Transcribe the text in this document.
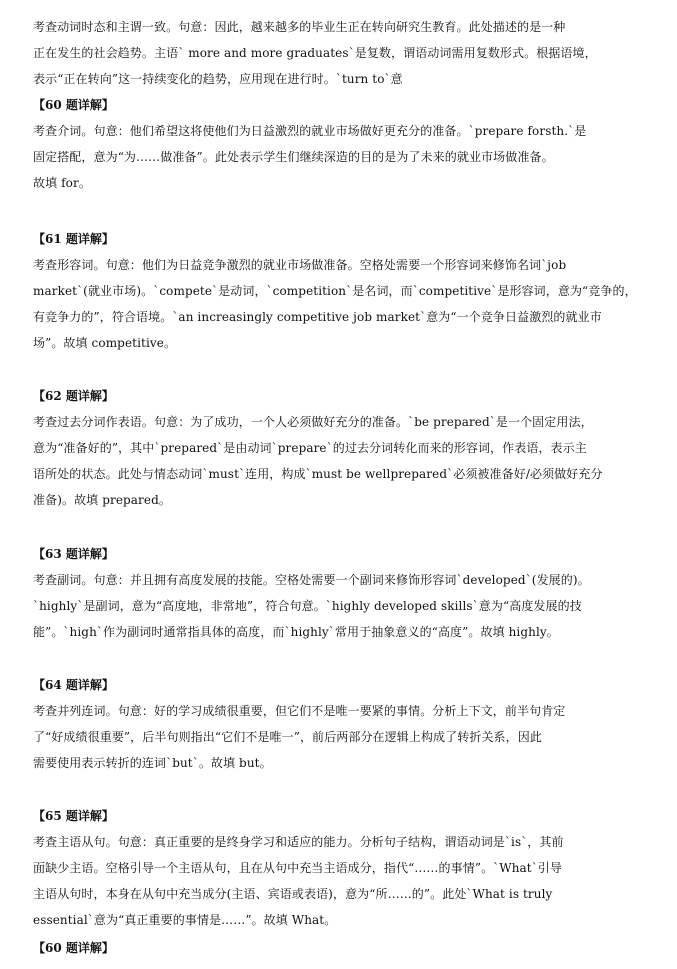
考查动词时态和主谓一致。句意：因此，越来越多的毕业生正在转向研究生教育。此处描述的是一种
正在发生的社会趋势。主语` more and more graduates`是复数，谓语动词需用复数形式。根据语境，
表示“正在转向”这一持续变化的趋势，应用现在进行时。`turn to`意
【60 题详解】
考查介词。句意：他们希望这将使他们为日益激烈的就业市场做好更充分的准备。`prepare forsth.`是
固定搭配，意为“为……做准备”。此处表示学生们继续深造的目的是为了未来的就业市场做准备。
故填 for。
【61 题详解】
考查形容词。句意：他们为日益竞争激烈的就业市场做准备。空格处需要一个形容词来修饰名词`job
market`(就业市场)。`compete`是动词，`competition`是名词，而`competitive`是形容词，意为“竞争的，
有竞争力的”，符合语境。`an increasingly competitive job market`意为“一个竞争日益激烈的就业市
场”。故填 competitive。
【62 题详解】
考查过去分词作表语。句意：为了成功，一个人必须做好充分的准备。`be prepared`是一个固定用法，
意为“准备好的”，其中`prepared`是由动词`prepare`的过去分词转化而来的形容词，作表语，表示主
语所处的状态。此处与情态动词`must`连用，构成`must be wellprepared`必须被准备好/必须做好充分
准备)。故填 prepared。
【63 题详解】
考查副词。句意：并且拥有高度发展的技能。空格处需要一个副词来修饰形容词`developed`(发展的)。
`highly`是副词，意为“高度地，非常地”，符合句意。`highly developed skills`意为“高度发展的技
能”。`high`作为副词时通常指具体的高度，而`highly`常用于抽象意义的“高度”。故填 highly。
【64 题详解】
考查并列连词。句意：好的学习成绩很重要，但它们不是唯一要紧的事情。分析上下文，前半句肯定
了“好成绩很重要”，后半句则指出“它们不是唯一”，前后两部分在逻辑上构成了转折关系，因此
需要使用表示转折的连词`but`。故填 but。
【65 题详解】
考查主语从句。句意：真正重要的是终身学习和适应的能力。分析句子结构，谓语动词是`is`，其前
面缺少主语。空格引导一个主语从句，且在从句中充当主语成分，指代“……的事情”。`What`引导
主语从句时，本身在从句中充当成分(主语、宾语或表语)，意为“所……的”。此处`What is truly
essential`意为“真正重要的事情是……”。故填 What。
【60 题详解】
